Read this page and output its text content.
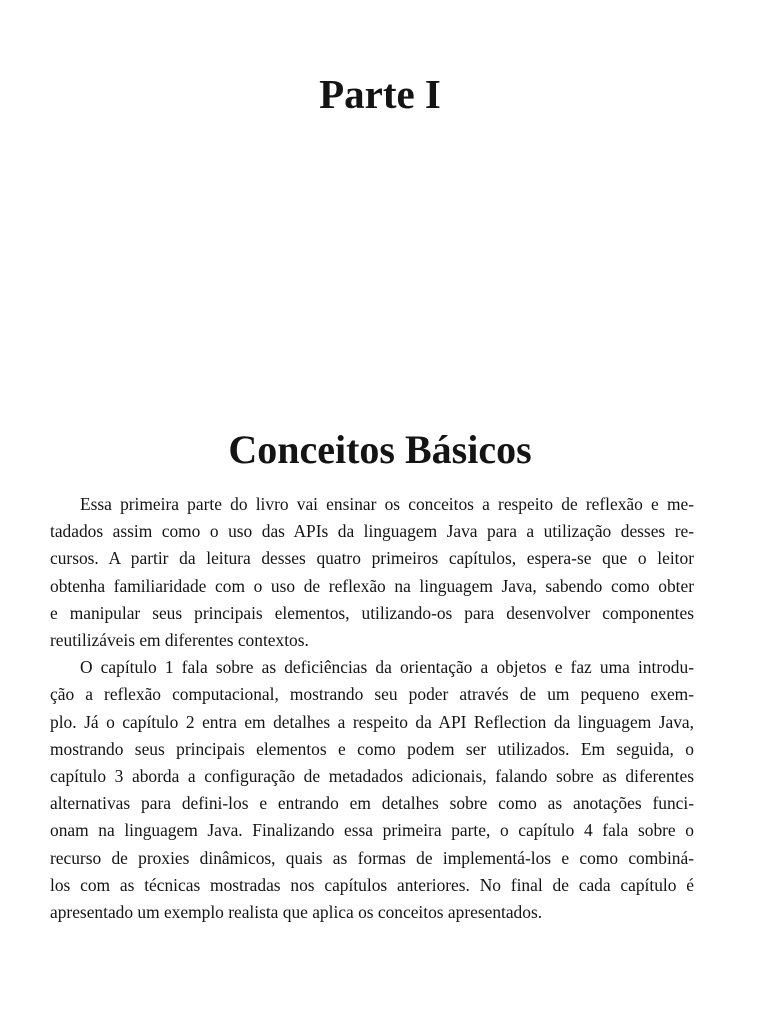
Parte I
Conceitos Básicos
Essa primeira parte do livro vai ensinar os conceitos a respeito de reflexão e me-
tadados assim como o uso das APIs da linguagem Java para a utilização desses re-
cursos. A partir da leitura desses quatro primeiros capítulos, espera-se que o leitor
obtenha familiaridade com o uso de reflexão na linguagem Java, sabendo como obter
e manipular seus principais elementos, utilizando-os para desenvolver componentes
reutilizáveis em diferentes contextos.
O capítulo 1 fala sobre as deficiências da orientação a objetos e faz uma introdu-
ção a reflexão computacional, mostrando seu poder através de um pequeno exem-
plo. Já o capítulo 2 entra em detalhes a respeito da API Reflection da linguagem Java,
mostrando seus principais elementos e como podem ser utilizados. Em seguida, o
capítulo 3 aborda a configuração de metadados adicionais, falando sobre as diferentes
alternativas para defini-los e entrando em detalhes sobre como as anotações funci-
onam na linguagem Java. Finalizando essa primeira parte, o capítulo 4 fala sobre o
recurso de proxies dinâmicos, quais as formas de implementá-los e como combiná-
los com as técnicas mostradas nos capítulos anteriores. No final de cada capítulo é
apresentado um exemplo realista que aplica os conceitos apresentados.
